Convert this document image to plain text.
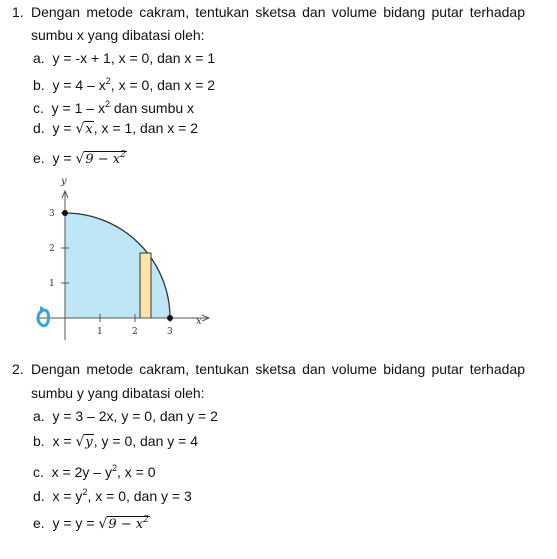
1. Dengan metode cakram, tentukan sketsa dan volume bidang putar terhadap
sumbu x yang dibatasi oleh:
a. y = -x + 1, x = 0, dan x = 1
b. $y = 4 - x^2$, x = 0, dan x = 2
c. $y = 1 - x^2$ dan sumbu x
d. y = √x, x = 1, dan x = 2
e. $y = √9 - x^2$
y
x
1
2
3
1	2	3
2. Dengan metode cakram, tentukan sketsa dan volume bidang putar terhadap
sumbu y yang dibatasi oleh:
a. y = 3 – 2x, y = 0, dan y = 2
b. x = √y, y = 0, dan y = 4
c. $x = 2y - y^2$, x = 0
d. $x = y^2$, x = 0, dan y = 3
e. $y = y = √9 - x^2$
